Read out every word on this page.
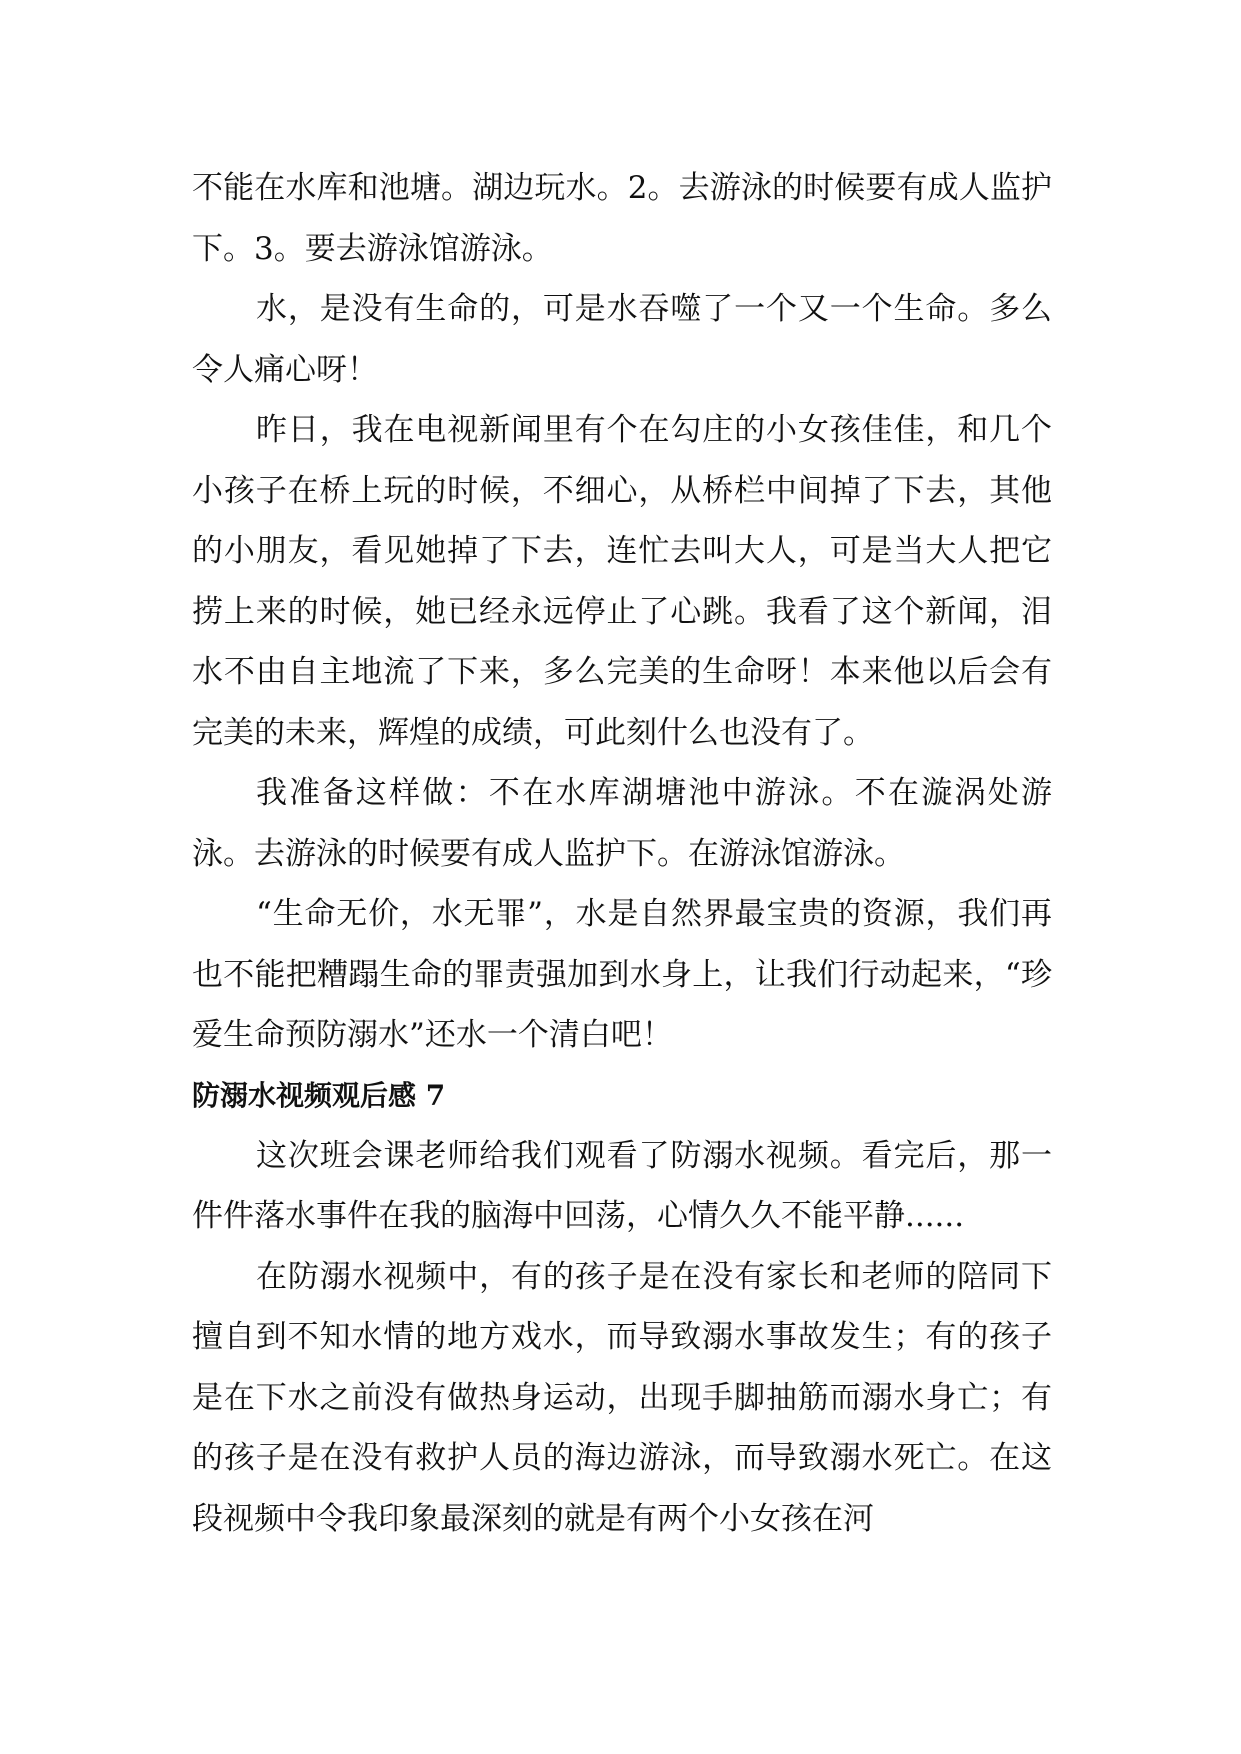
不能在水库和池塘。湖边玩水。2。去游泳的时候要有成人监护下。3。要去游泳馆游泳。

水，是没有生命的，可是水吞噬了一个又一个生命。多么令人痛心呀！

昨日，我在电视新闻里有个在勾庄的小女孩佳佳，和几个小孩子在桥上玩的时候，不细心，从桥栏中间掉了下去，其他的小朋友，看见她掉了下去，连忙去叫大人，可是当大人把它捞上来的时候，她已经永远停止了心跳。我看了这个新闻，泪水不由自主地流了下来，多么完美的生命呀！本来他以后会有完美的未来，辉煌的成绩，可此刻什么也没有了。

我准备这样做：不在水库湖塘池中游泳。不在漩涡处游泳。去游泳的时候要有成人监护下。在游泳馆游泳。

“生命无价，水无罪”，水是自然界最宝贵的资源，我们再也不能把糟蹋生命的罪责强加到水身上，让我们行动起来，“珍爱生命预防溺水”还水一个清白吧！

防溺水视频观后感 7

这次班会课老师给我们观看了防溺水视频。看完后，那一件件落水事件在我的脑海中回荡，心情久久不能平静......

在防溺水视频中，有的孩子是在没有家长和老师的陪同下擅自到不知水情的地方戏水，而导致溺水事故发生；有的孩子是在下水之前没有做热身运动，出现手脚抽筋而溺水身亡；有的孩子是在没有救护人员的海边游泳，而导致溺水死亡。在这段视频中令我印象最深刻的就是有两个小女孩在河
